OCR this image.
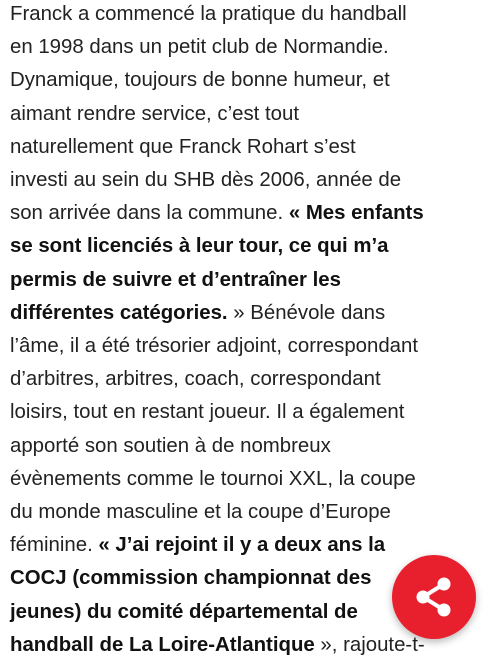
Franck a commencé la pratique du handball
en 1998 dans un petit club de Normandie.
Dynamique, toujours de bonne humeur, et
aimant rendre service, c’est tout
naturellement que Franck Rohart s’est
investi au sein du SHB dès 2006, année de
son arrivée dans la commune. « Mes enfants
se sont licenciés à leur tour, ce qui m’a
permis de suivre et d’entraîner les
différentes catégories. » Bénévole dans
l’âme, il a été trésorier adjoint, correspondant
d’arbitres, arbitres, coach, correspondant
loisirs, tout en restant joueur. Il a également
apporté son soutien à de nombreux
évènements comme le tournoi XXL, la coupe
du monde masculine et la coupe d’Europe
féminine. « J’ai rejoint il y a deux ans la
COCJ (commission championnat des
jeunes) du comité départemental de
handball de La Loire-Atlantique », rajoute-t-
